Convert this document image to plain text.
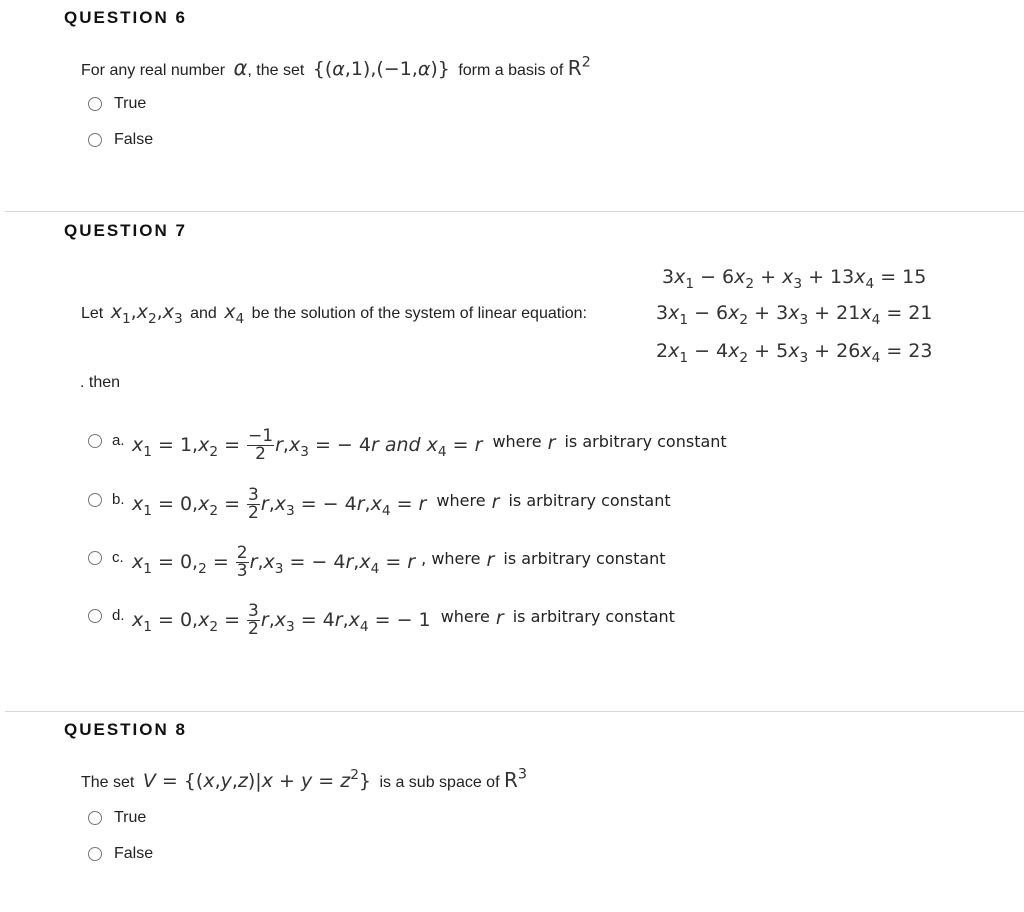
QUESTION 6
For any real number α, the set {(α,1),(−1,α)} form a basis of $R^2$
True
False
QUESTION 7
$3x_1 - 6x_2 + x_3 + 13x_4 = 15$
$3x_1 - 6x_2 + 3x_3 + 21x_4 = 21$
$2x_1 - 4x_2 + 5x_3 + 26x_4 = 23$
Let $x_1,x_2,x_3$ and $x_4$ be the solution of the system of linear equation:
. then
a. $x_1 = 1,x_2 = \frac{-1}{2} r,x_3$ = − 4r and $x_4 = r$ $^{where}$ r $^{is arbitrary constant}$
b. $x_1 = 0,x_2 = \frac{3}{2} r,x_3$ = − $4r,x_4 = r$ $^{where}$ r $^{is arbitrary constant}$
c. $x_1 = 0,_2 = \frac{2}{3} r,x_3$ = − $4r,x_4 = r$ $^{, where}$ r $^{is arbitrary constant}$
d. $x_1 = 0,x_2 = \frac{3}{2} r,x_3 = 4r,x_4$ = − 1 $^{where}$ r $^{is arbitrary constant}$
QUESTION 8
The set $V = \{(x,y,z)|x + y = z^2\}$ is a sub space of $R^3$
True
False
